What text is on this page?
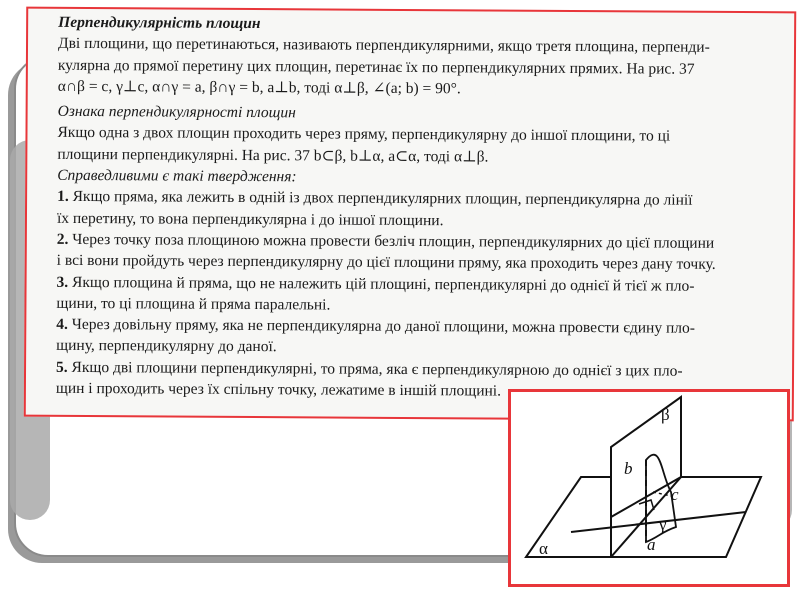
Перпендикулярність площин

Дві площини, що перетинаються, називають перпендикулярними, якщо третя площина, перпенди-
кулярна до прямої перетину цих площин, перетинає їх по перпендикулярних прямих. На рис. 37
α∩β = c, γ⊥c, α∩γ = a, β∩γ = b, a⊥b, тоді α⊥β, ∠(a; b) = 90°.

Ознака перпендикулярності площин

Якщо одна з двох площин проходить через пряму, перпендикулярну до іншої площини, то ці
площини перпендикулярні. На рис. 37 b⊂β, b⊥α, a⊂α, тоді α⊥β.

Справедливими є такі твердження:

1. Якщо пряма, яка лежить в одній із двох перпендикулярних площин, перпендикулярна до лінії
їх перетину, то вона перпендикулярна і до іншої площини.

2. Через точку поза площиною можна провести безліч площин, перпендикулярних до цієї площини
і всі вони пройдуть через перпендикулярну до цієї площини пряму, яка проходить через дану точку.

3. Якщо площина й пряма, що не належить цій площині, перпендикулярні до однієї й тієї ж пло-
щини, то ці площина й пряма паралельні.

4. Через довільну пряму, яка не перпендикулярна до даної площини, можна провести єдину пло-
щину, перпендикулярну до даної.

5. Якщо дві площини перпендикулярні, то пряма, яка є перпендикулярною до однієї з цих пло-
щин і проходить через їх спільну точку, лежатиме в іншій площині.

β
b
c
γ
a
α
